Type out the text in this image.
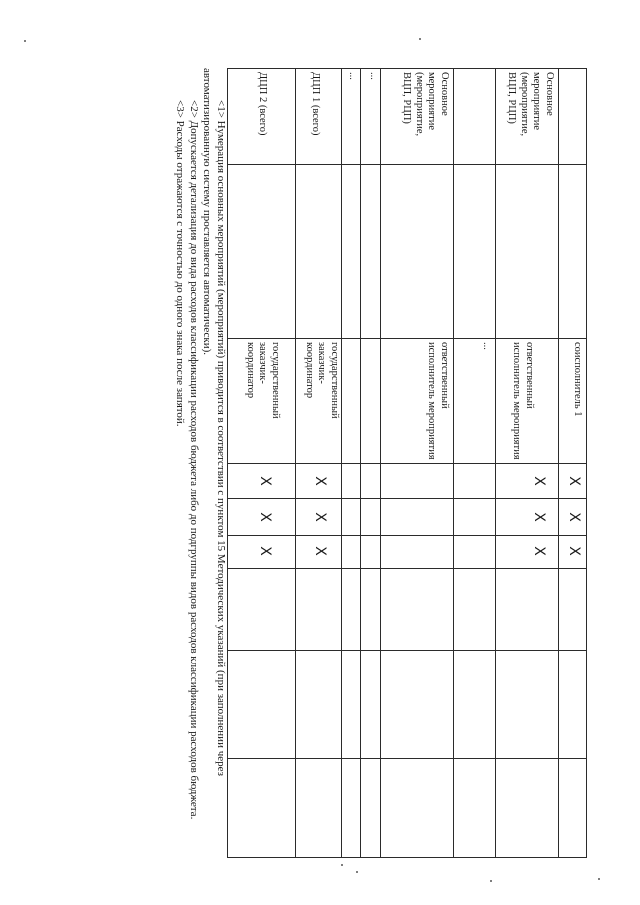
соисполнитель 1
X
X
X
Основное мероприятие (мероприятие, ВЦП, РЦП)
ответственный исполнитель мероприятия
X
X
X
...
Основное мероприятие (мероприятие, ВЦП, РЦП)
ответственный исполнитель мероприятия
...
...
ДЦП 1 (всего)
государственный заказчик-координатор
X
X
X
ДЦП 2 (всего)
государственный заказчик-координатор
X
X
X

<1> Нумерация основных мероприятий (мероприятий) приводится в соответствии с пунктом 15 Методических указаний (при заполнении через автоматизированную систему проставляется автоматически).

<2> Допускается детализация до вида расходов классификации расходов бюджета либо до подгруппы видов расходов классификации расходов бюджета.

<3> Расходы отражаются с точностью до одного знака после запятой.
